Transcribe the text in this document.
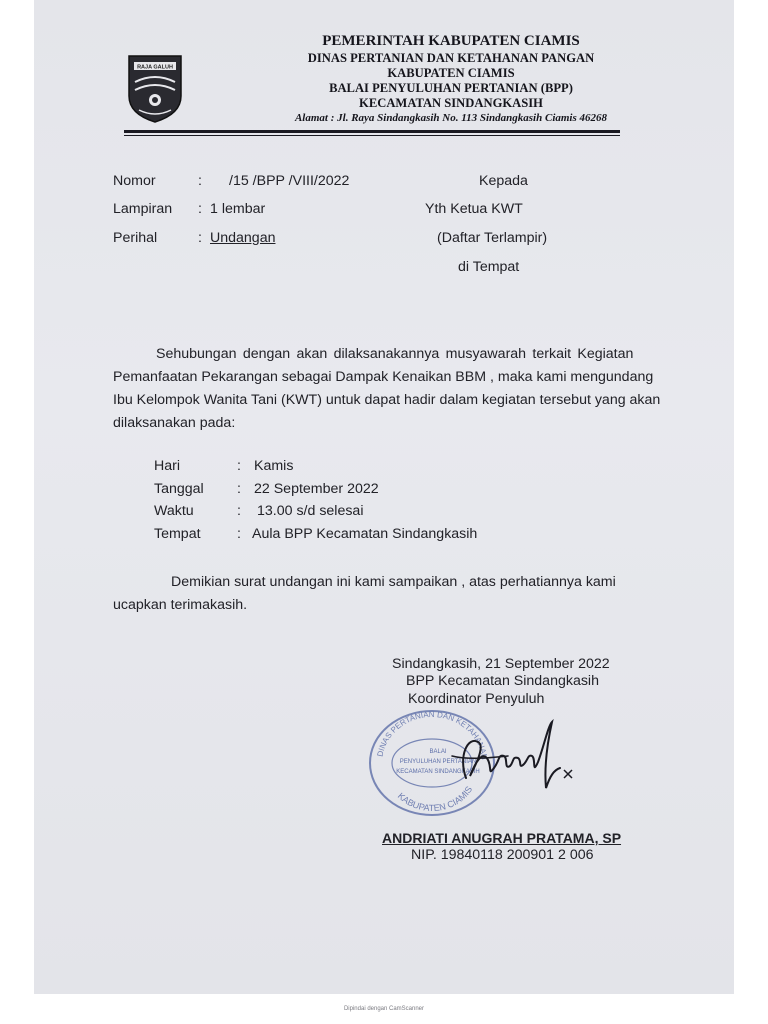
RAJA GALUH
PEMERINTAH KABUPATEN CIAMIS
DINAS PERTANIAN DAN KETAHANAN PANGAN
KABUPATEN CIAMIS
BALAI PENYULUHAN PERTANIAN (BPP)
KECAMATAN SINDANGKASIH
Alamat : Jl. Raya Sindangkasih No. 113 Sindangkasih Ciamis 46268
Nomor	: /15 /BPP /VIII/2022
Lampiran : 1 lembar
Perihal	: Undangan
Kepada
Yth Ketua KWT
(Daftar Terlampir)
di Tempat
Sehubungan dengan akan dilaksanakannya musyawarah terkait Kegiatan
Pemanfaatan Pekarangan sebagai Dampak Kenaikan BBM , maka kami mengundang
Ibu Kelompok Wanita Tani (KWT) untuk dapat hadir dalam kegiatan tersebut yang akan
dilaksanakan pada:
Hari	: Kamis
Tanggal : 22 September 2022
Waktu	: 13.00 s/d selesai
Tempat	: Aula BPP Kecamatan Sindangkasih
Demikian surat undangan ini kami sampaikan , atas perhatiannya kami
ucapkan terimakasih.
Sindangkasih, 21 September 2022
BPP Kecamatan Sindangkasih
Koordinator Penyuluh
DINAS PERTANIAN DAN KETAHANAN
KABUPATEN CIAMIS
BALAI
PENYULUHAN PERTANIAN
KECAMATAN SINDANGKASIH
ANDRIATI ANUGRAH PRATAMA, SP
NIP. 19840118 200901 2 006
Dipindai dengan CamScanner
